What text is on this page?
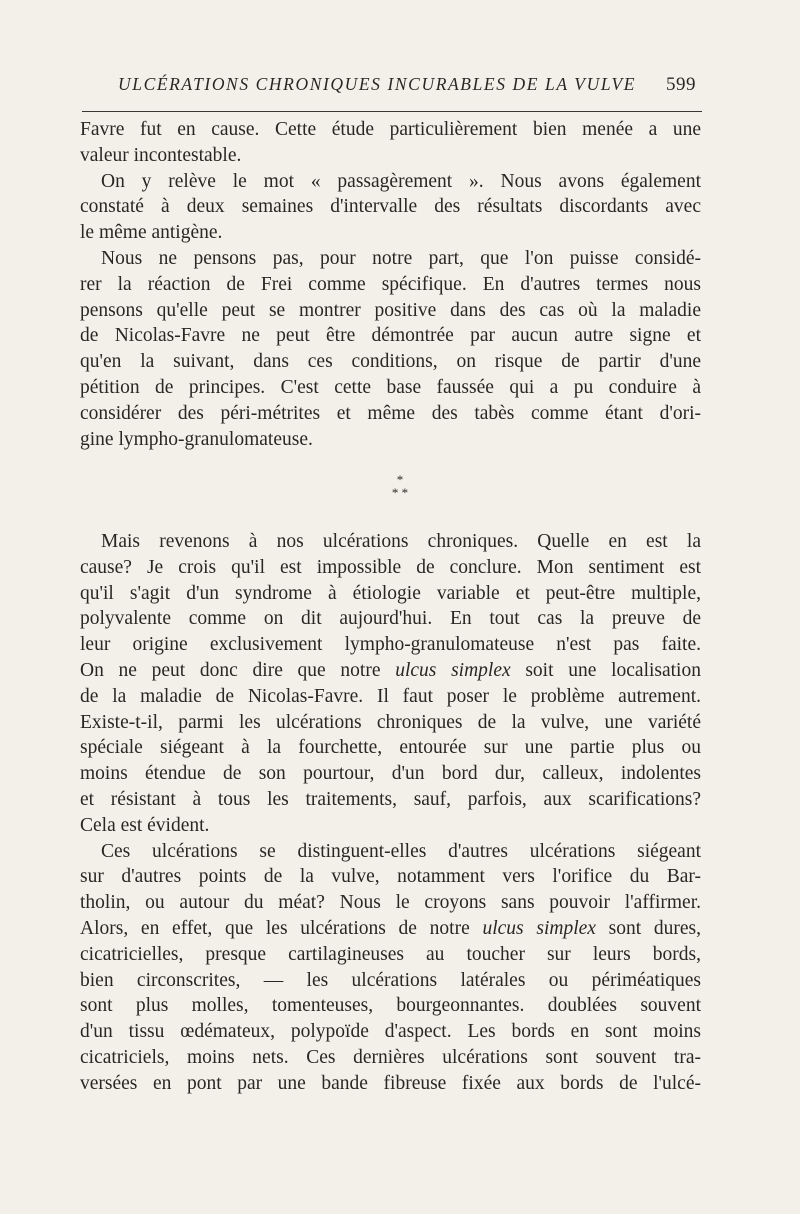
ULCÉRATIONS CHRONIQUES INCURABLES DE LA VULVE 599
Favre fut en cause. Cette étude particulièrement bien menée a une
valeur incontestable.
On y relève le mot « passagèrement ». Nous avons également
constaté à deux semaines d'intervalle des résultats discordants avec
le même antigène.
Nous ne pensons pas, pour notre part, que l'on puisse considé-
rer la réaction de Frei comme spécifique. En d'autres termes nous
pensons qu'elle peut se montrer positive dans des cas où la maladie
de Nicolas-Favre ne peut être démontrée par aucun autre signe et
qu'en la suivant, dans ces conditions, on risque de partir d'une
pétition de principes. C'est cette base faussée qui a pu conduire à
considérer des péri-métrites et même des tabès comme étant d'ori-
gine lympho-granulomateuse.
*
* *
Mais revenons à nos ulcérations chroniques. Quelle en est la
cause? Je crois qu'il est impossible de conclure. Mon sentiment est
qu'il s'agit d'un syndrome à étiologie variable et peut-être multiple,
polyvalente comme on dit aujourd'hui. En tout cas la preuve de
leur origine exclusivement lympho-granulomateuse n'est pas faite.
On ne peut donc dire que notre ulcus simplex soit une localisation
de la maladie de Nicolas-Favre. Il faut poser le problème autrement.
Existe-t-il, parmi les ulcérations chroniques de la vulve, une variété
spéciale siégeant à la fourchette, entourée sur une partie plus ou
moins étendue de son pourtour, d'un bord dur, calleux, indolentes
et résistant à tous les traitements, sauf, parfois, aux scarifications?
Cela est évident.
Ces ulcérations se distinguent-elles d'autres ulcérations siégeant
sur d'autres points de la vulve, notamment vers l'orifice du Bar-
tholin, ou autour du méat? Nous le croyons sans pouvoir l'affirmer.
Alors, en effet, que les ulcérations de notre ulcus simplex sont dures,
cicatricielles, presque cartilagineuses au toucher sur leurs bords,
bien circonscrites, — les ulcérations latérales ou périméatiques
sont plus molles, tomenteuses, bourgeonnantes. doublées souvent
d'un tissu œdémateux, polypoïde d'aspect. Les bords en sont moins
cicatriciels, moins nets. Ces dernières ulcérations sont souvent tra-
versées en pont par une bande fibreuse fixée aux bords de l'ulcé-
